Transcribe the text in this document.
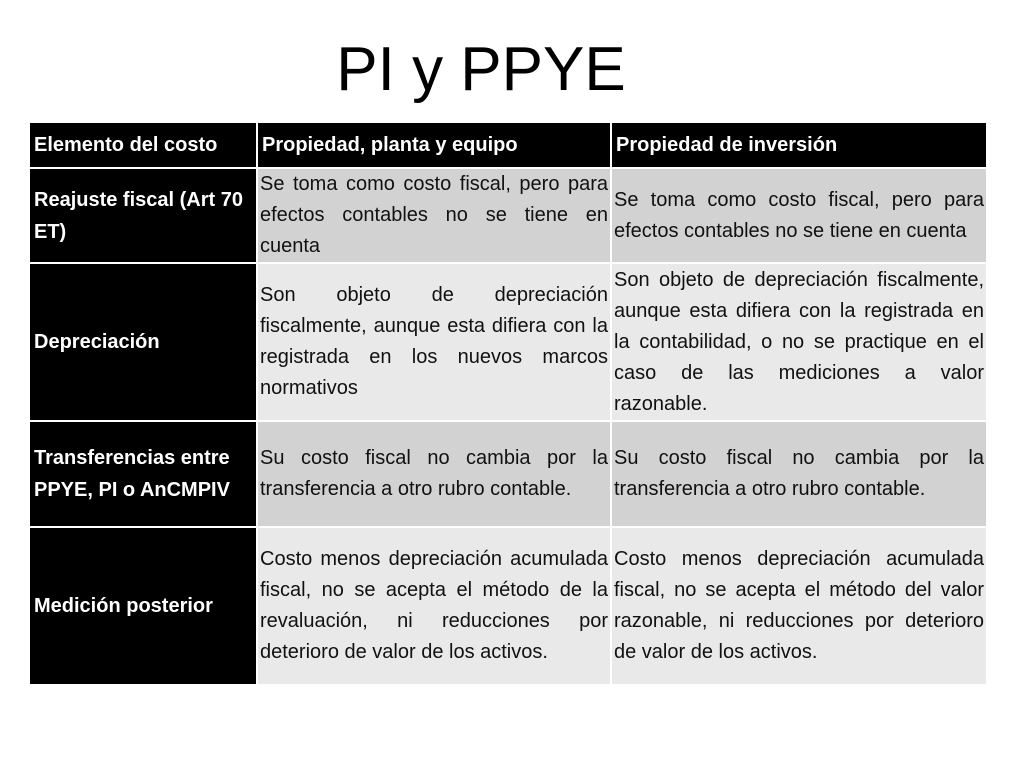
PI y PPYE
Elemento del costo	Propiedad, planta y equipo	Propiedad de inversión
Reajuste fiscal (Art 70 ET)	Se toma como costo fiscal, pero para efectos contables no se tiene en cuenta	Se toma como costo fiscal, pero para efectos contables no se tiene en cuenta
Depreciación	Son objeto de depreciación fiscalmente, aunque esta difiera con la registrada en los nuevos marcos normativos	Son objeto de depreciación fiscalmente, aunque esta difiera con la registrada en la contabilidad, o no se practique en el caso de las mediciones a valor razonable.
Transferencias entre PPYE, PI o AnCMPIV	Su costo fiscal no cambia por la transferencia a otro rubro contable.	Su costo fiscal no cambia por la transferencia a otro rubro contable.
Medición posterior	Costo menos depreciación acumulada fiscal, no se acepta el método de la revaluación, ni reducciones por deterioro de valor de los activos.	Costo menos depreciación acumulada fiscal, no se acepta el método del valor razonable, ni reducciones por deterioro de valor de los activos.
